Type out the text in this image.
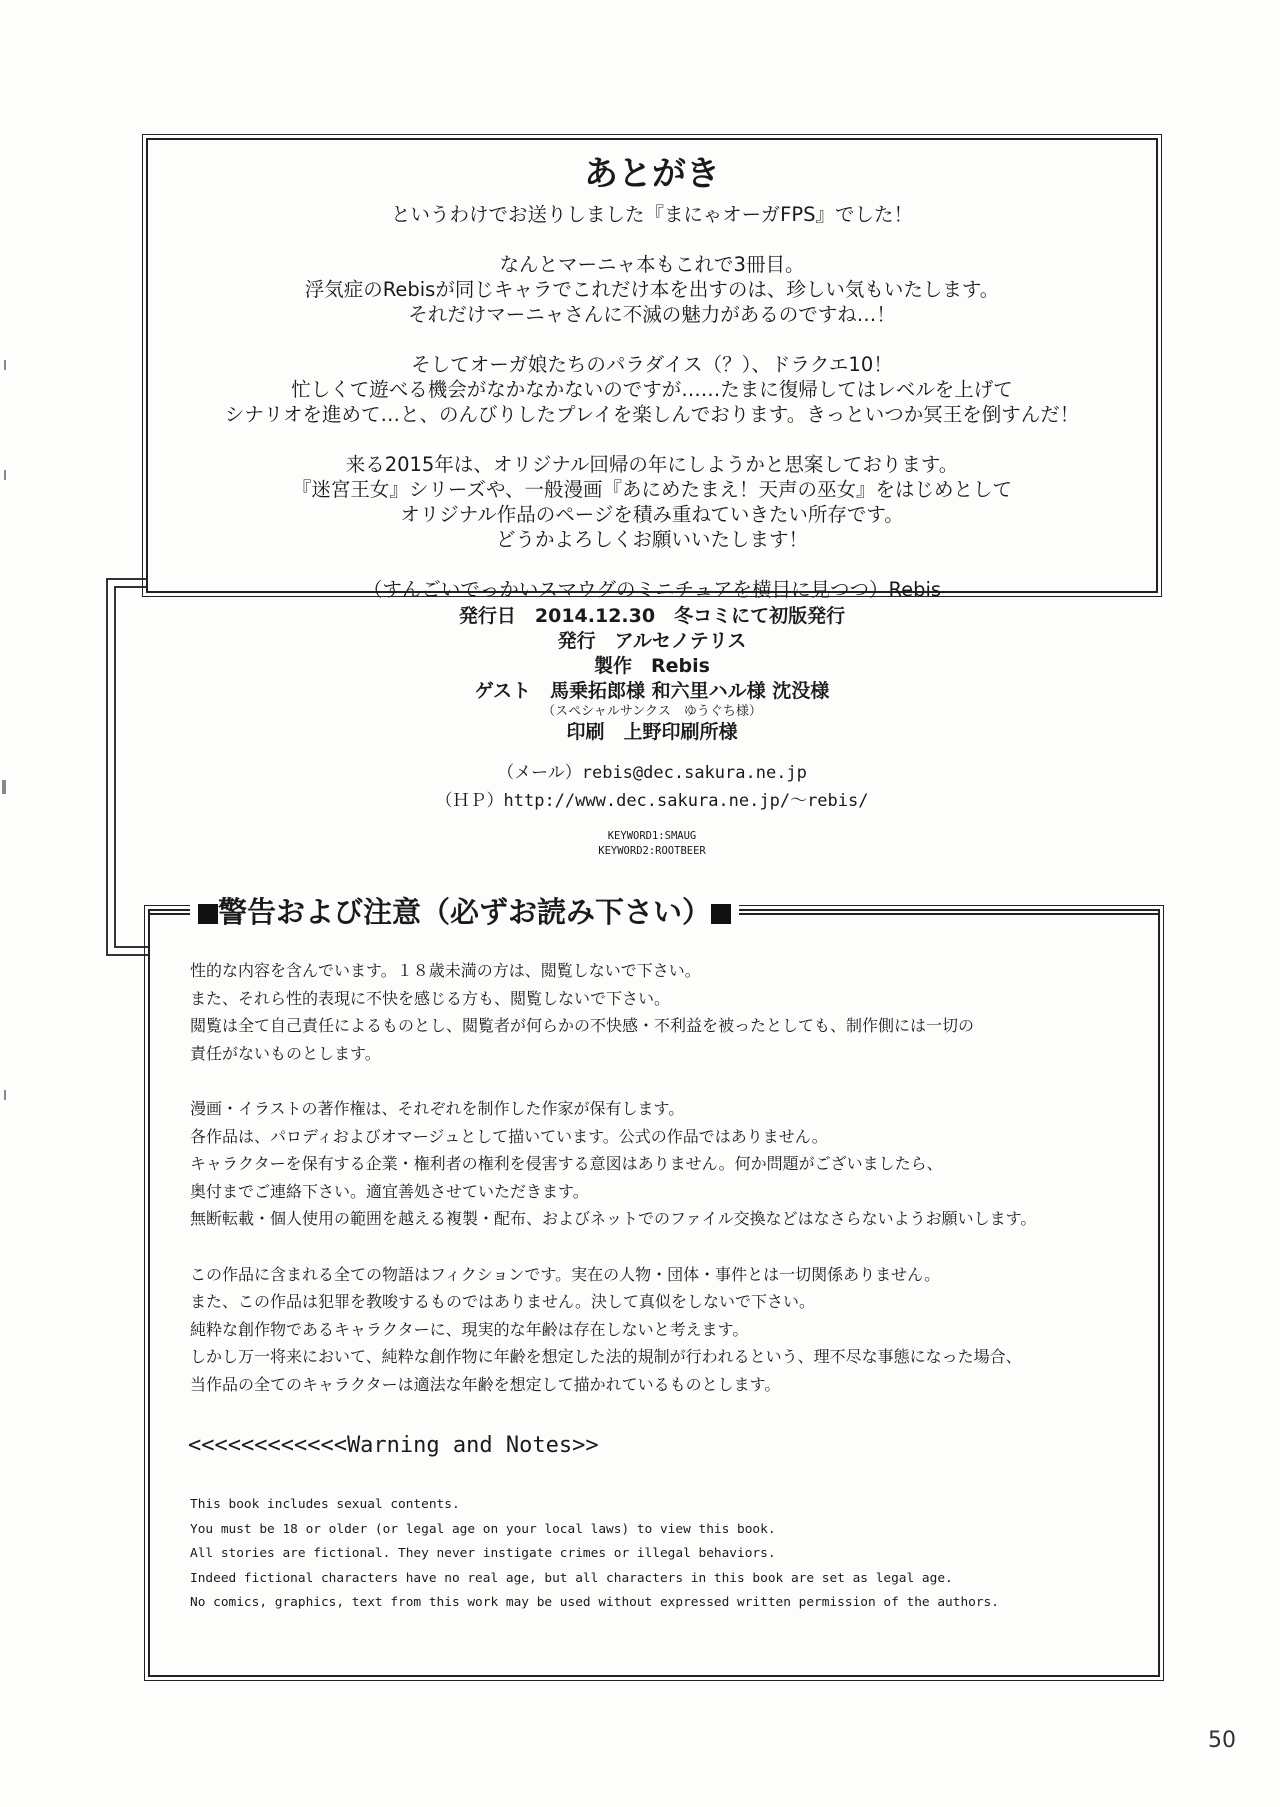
あとがき
というわけでお送りしました『まにゃオーガFPS』でした！
なんとマーニャ本もこれで3冊目。
浮気症のRebisが同じキャラでこれだけ本を出すのは、珍しい気もいたします。
それだけマーニャさんに不滅の魅力があるのですね…！
そしてオーガ娘たちのパラダイス（？）、ドラクエ10！
忙しくて遊べる機会がなかなかないのですが……たまに復帰してはレベルを上げて
シナリオを進めて…と、のんびりしたプレイを楽しんでおります。きっといつか冥王を倒すんだ！
来る2015年は、オリジナル回帰の年にしようかと思案しております。
『迷宮王女』シリーズや、一般漫画『あにめたまえ！天声の巫女』をはじめとして
オリジナル作品のページを積み重ねていきたい所存です。
どうかよろしくお願いいたします！
（すんごいでっかいスマウグのミニチュアを横目に見つつ）Rebis
発行日　2014.12.30　冬コミにて初版発行
発行　アルセノテリス
製作　Rebis
ゲスト　馬乗拓郎様 和六里ハル様 沈没様
（スペシャルサンクス　ゆうぐち様）
印刷　上野印刷所様
（メール）rebis@dec.sakura.ne.jp
（ＨＰ）http://www.dec.sakura.ne.jp/～rebis/
KEYWORD1:SMAUG
KEYWORD2:ROOTBEER
性的な内容を含んでいます。１８歳未満の方は、閲覧しないで下さい。
また、それら性的表現に不快を感じる方も、閲覧しないで下さい。
閲覧は全て自己責任によるものとし、閲覧者が何らかの不快感・不利益を被ったとしても、制作側には一切の
責任がないものとします。
漫画・イラストの著作権は、それぞれを制作した作家が保有します。
各作品は、パロディおよびオマージュとして描いています。公式の作品ではありません。
キャラクターを保有する企業・権利者の権利を侵害する意図はありません。何か問題がございましたら、
奥付までご連絡下さい。適宜善処させていただきます。
無断転載・個人使用の範囲を越える複製・配布、およびネットでのファイル交換などはなさらないようお願いします。
この作品に含まれる全ての物語はフィクションです。実在の人物・団体・事件とは一切関係ありません。
また、この作品は犯罪を教唆するものではありません。決して真似をしないで下さい。
純粋な創作物であるキャラクターに、現実的な年齢は存在しないと考えます。
しかし万一将来において、純粋な創作物に年齢を想定した法的規制が行われるという、理不尽な事態になった場合、
当作品の全てのキャラクターは適法な年齢を想定して描かれているものとします。
<<<<<<<<<<<<Warning and Notes>>
This book includes sexual contents.
You must be 18 or older (or legal age on your local laws) to view this book.
All stories are fictional. They never instigate crimes or illegal behaviors.
Indeed fictional characters have no real age, but all characters in this book are set as legal age.
No comics, graphics, text from this work may be used without expressed written permission of the authors.
警告および注意（必ずお読み下さい）
50
